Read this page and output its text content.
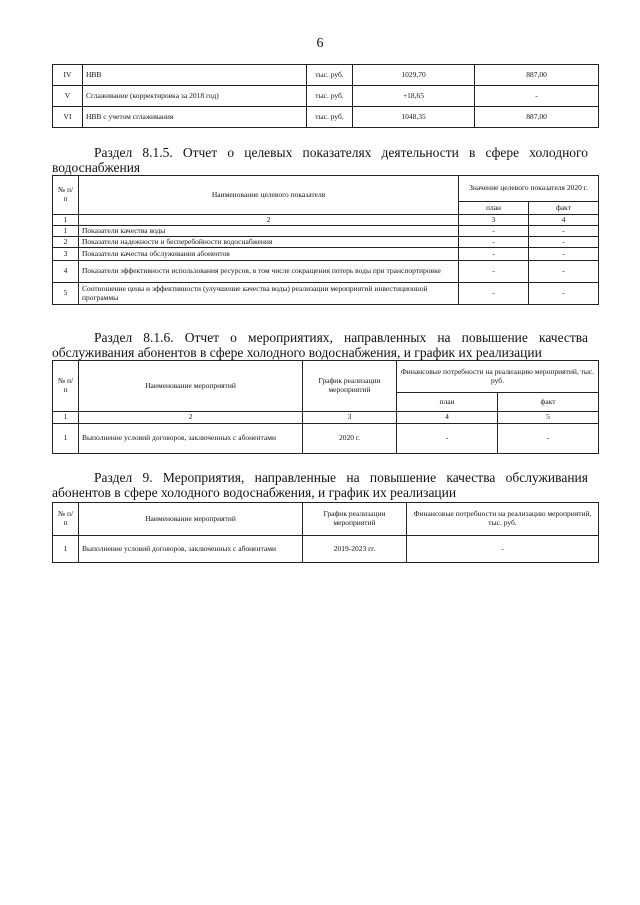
6
IV	НВВ	тыс. руб.	1029,70	887,00
V	Сглаживание (корректировка за 2018 год)	тыс. руб.	+18,65	-
VI	НВВ с учетом сглаживания	тыс. руб.	1048,35	887,00
Раздел 8.1.5. Отчет о целевых показателях деятельности в сфере холодного
водоснабжения
№ п/п	Наименование целевого показателя	Значение целевого показателя 2020 г.	
		план	факт
1	2	3	4
1	Показатели качества воды	-	-
2	Показатели надежности и бесперебойности водоснабжения	-	-
3	Показатели качества обслуживания абонентов	-	-
4	Показатели эффективности использования ресурсов, в том числе сокращения потерь воды при транспортировке	-	-
5	Соотношение цены и эффективности (улучшение качества воды) реализации мероприятий инвестиционной программы	-	-
Раздел 8.1.6. Отчет о мероприятиях, направленных на повышение качества
обслуживания абонентов в сфере холодного водоснабжения, и график их реализации
№ п/п	Наименование мероприятий	График реализации мероприятий	Финансовые потребности на реализацию мероприятий, тыс. руб.	
			план	факт
1	2	3	4	5
1	Выполнение условий договоров, заключенных с абонентами	2020 г.	-	-
Раздел 9. Мероприятия, направленные на повышение качества обслуживания
абонентов в сфере холодного водоснабжения, и график их реализации
№ п/п	Наименование мероприятий	График реализации мероприятий	Финансовые потребности на реализацию мероприятий, тыс. руб.
1	Выполнение условий договоров, заключенных с абонентами	2019-2023 гг.	-
